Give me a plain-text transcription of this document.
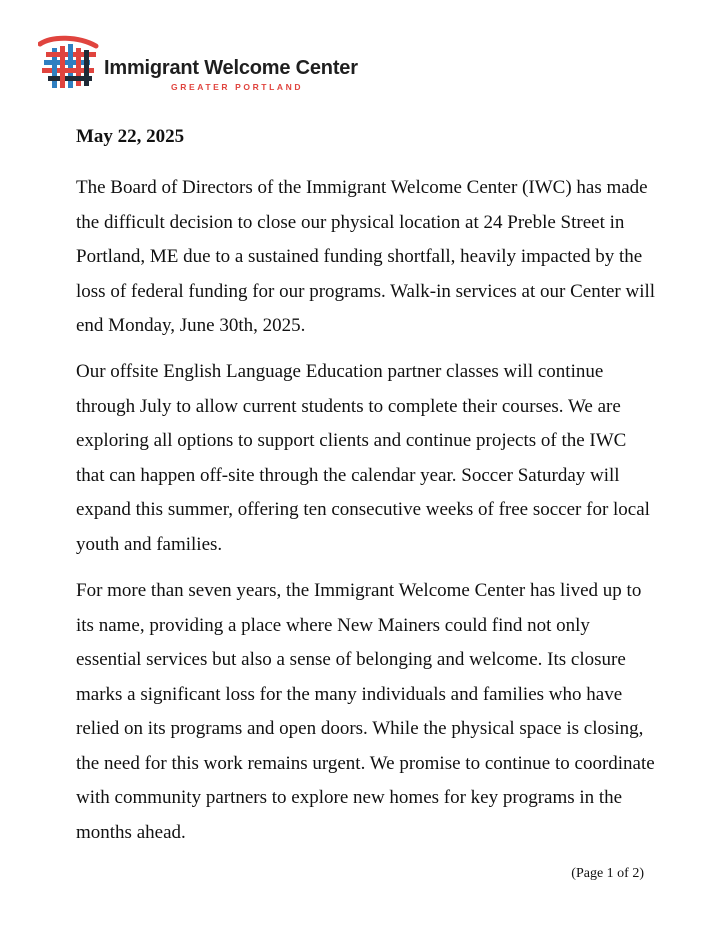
Immigrant Welcome Center
GREATER PORTLAND
May 22, 2025

The Board of Directors of the Immigrant Welcome Center (IWC) has made the difficult decision to close our physical location at 24 Preble Street in Portland, ME due to a sustained funding shortfall, heavily impacted by the loss of federal funding for our programs. Walk-in services at our Center will end Monday, June 30th, 2025.

Our offsite English Language Education partner classes will continue through July to allow current students to complete their courses. We are exploring all options to support clients and continue projects of the IWC that can happen off-site through the calendar year. Soccer Saturday will expand this summer, offering ten consecutive weeks of free soccer for local youth and families.

For more than seven years, the Immigrant Welcome Center has lived up to its name, providing a place where New Mainers could find not only essential services but also a sense of belonging and welcome. Its closure marks a significant loss for the many individuals and families who have relied on its programs and open doors. While the physical space is closing, the need for this work remains urgent. We promise to continue to coordinate with community partners to explore new homes for key programs in the months ahead.

(Page 1 of 2)
